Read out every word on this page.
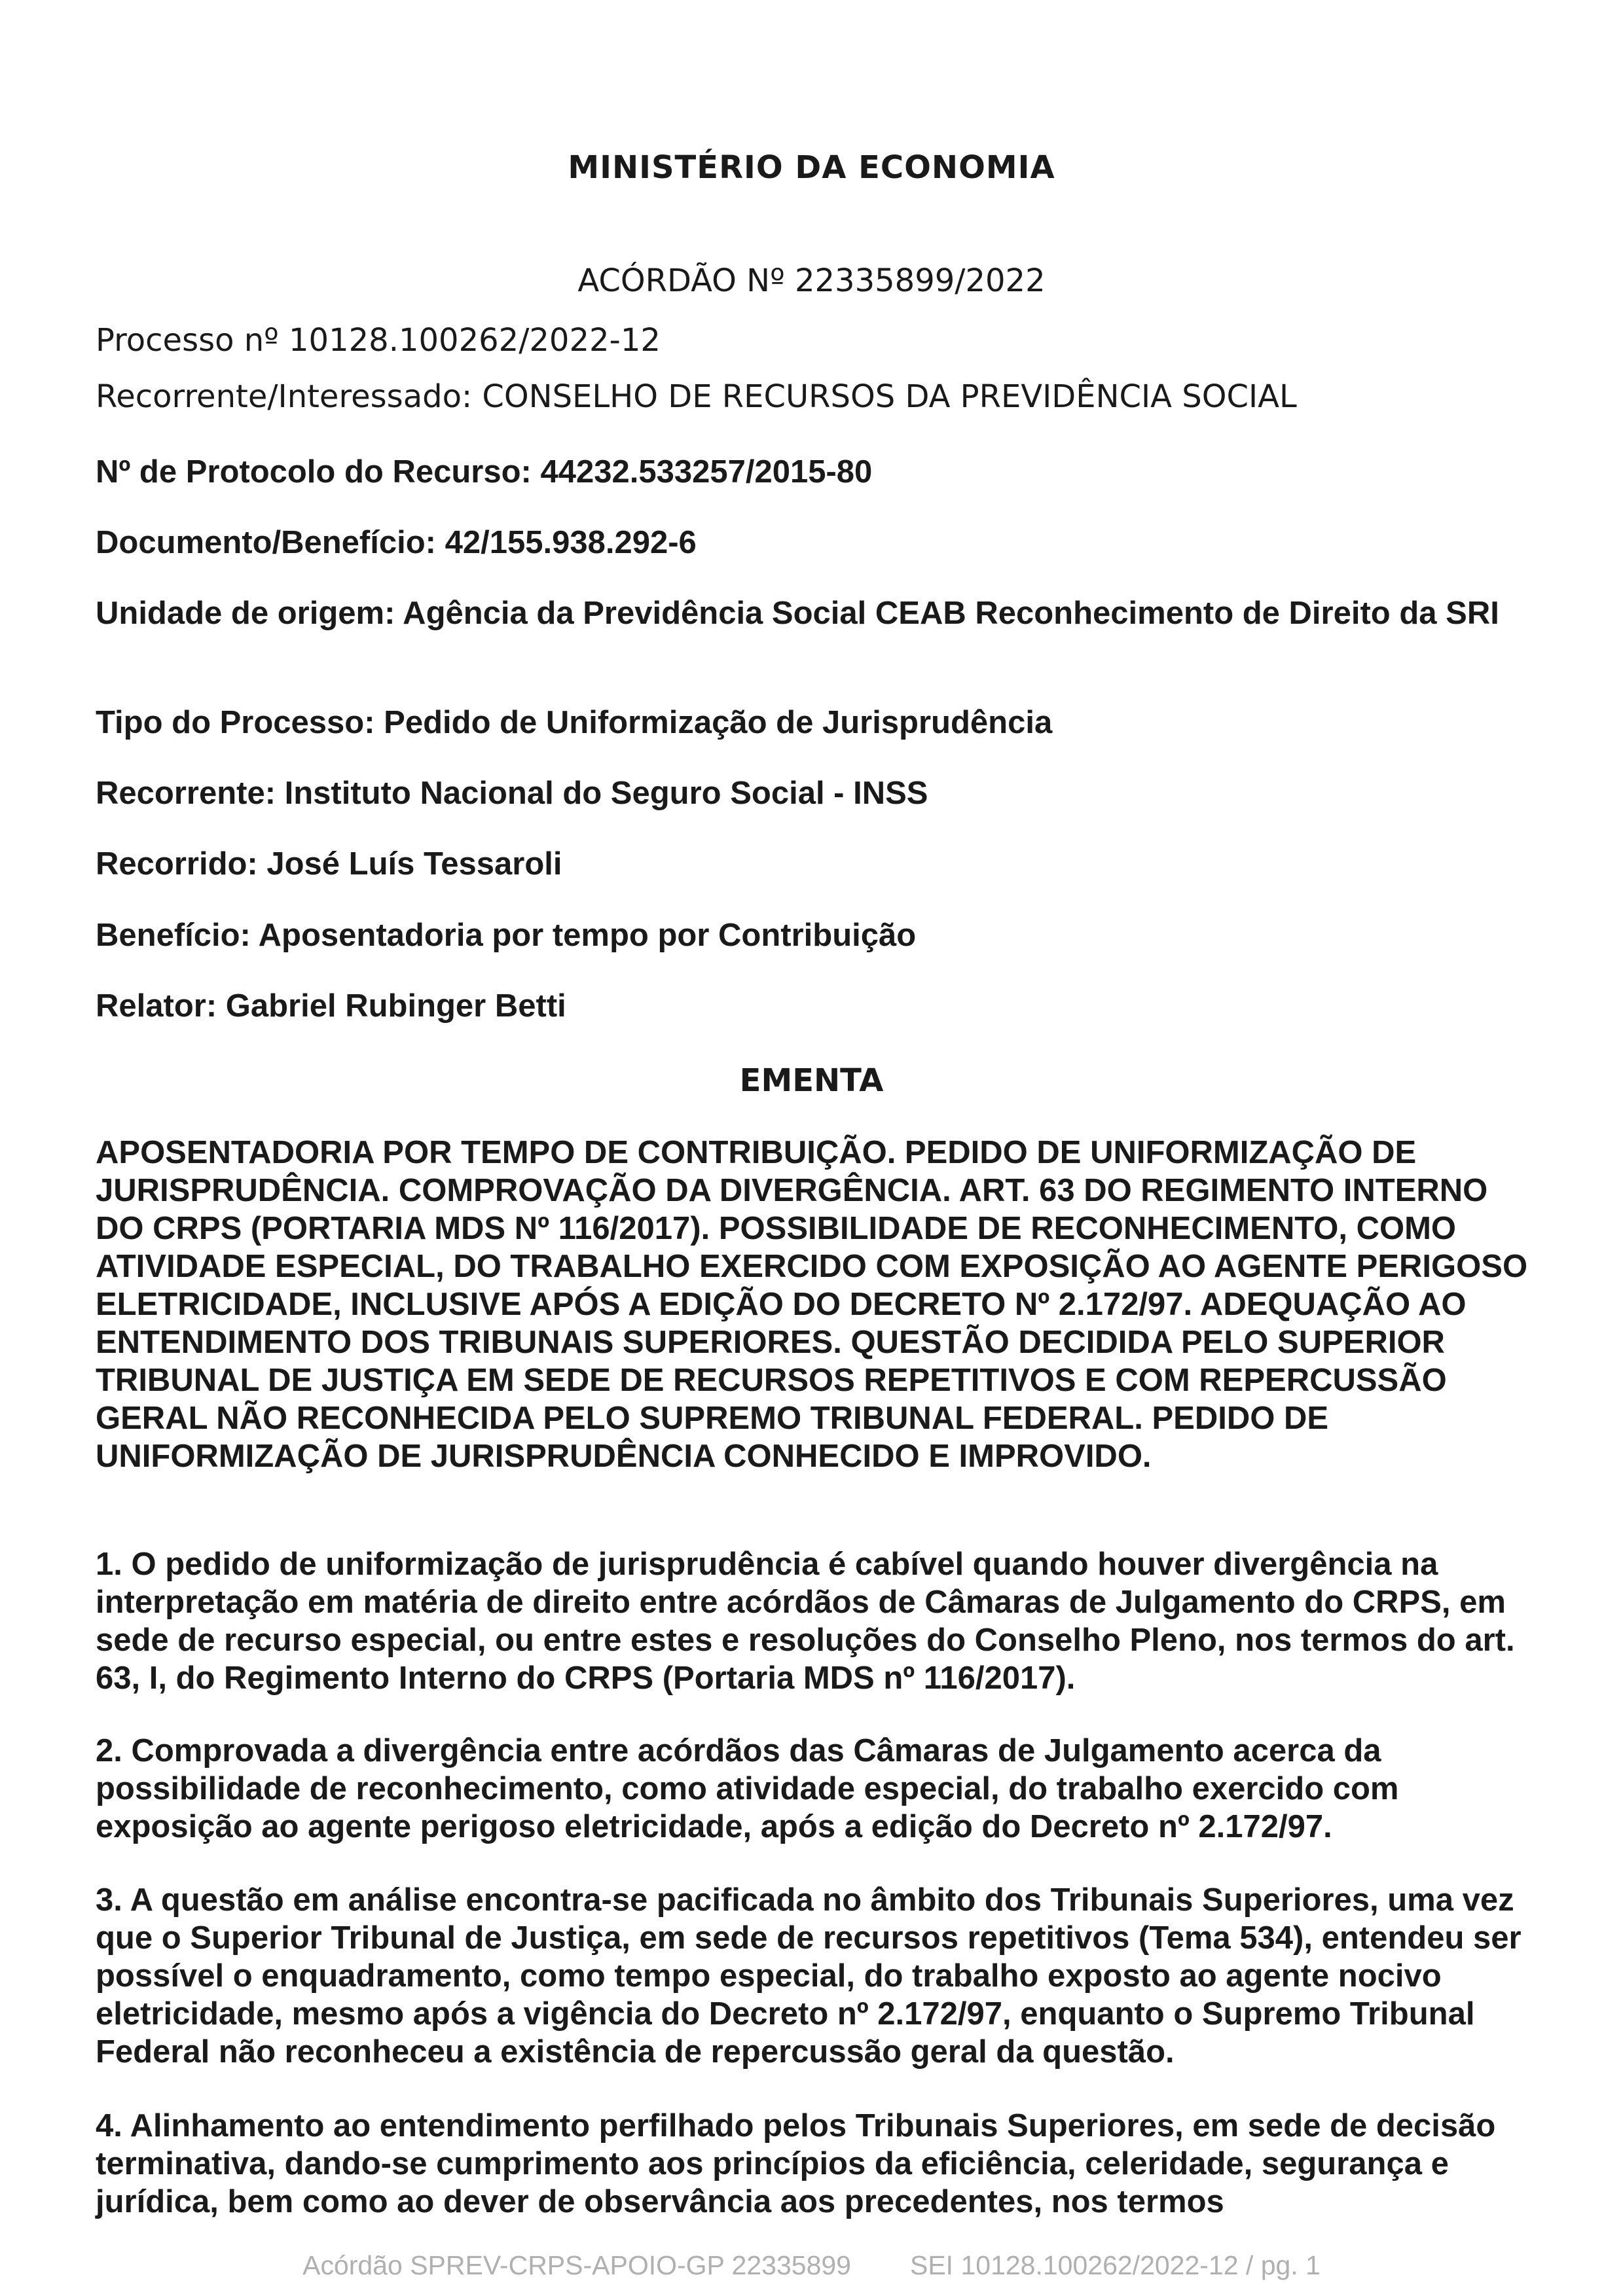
MINISTÉRIO DA ECONOMIA
ACÓRDÃO Nº 22335899/2022
Processo nº 10128.100262/2022-12
Recorrente/Interessado: CONSELHO DE RECURSOS DA PREVIDÊNCIA SOCIAL
Nº de Protocolo do Recurso: 44232.533257/2015-80
Documento/Benefício: 42/155.938.292-6
Unidade de origem: Agência da Previdência Social CEAB Reconhecimento de Direito da SRI
Tipo do Processo: Pedido de Uniformização de Jurisprudência
Recorrente: Instituto Nacional do Seguro Social - INSS
Recorrido: José Luís Tessaroli
Benefício: Aposentadoria por tempo por Contribuição
Relator: Gabriel Rubinger Betti
EMENTA
APOSENTADORIA POR TEMPO DE CONTRIBUIÇÃO. PEDIDO DE UNIFORMIZAÇÃO DE JURISPRUDÊNCIA. COMPROVAÇÃO DA DIVERGÊNCIA. ART. 63 DO REGIMENTO INTERNO DO CRPS (PORTARIA MDS Nº 116/2017). POSSIBILIDADE DE RECONHECIMENTO, COMO ATIVIDADE ESPECIAL, DO TRABALHO EXERCIDO COM EXPOSIÇÃO AO AGENTE PERIGOSO ELETRICIDADE, INCLUSIVE APÓS A EDIÇÃO DO DECRETO Nº 2.172/97. ADEQUAÇÃO AO ENTENDIMENTO DOS TRIBUNAIS SUPERIORES. QUESTÃO DECIDIDA PELO SUPERIOR TRIBUNAL DE JUSTIÇA EM SEDE DE RECURSOS REPETITIVOS E COM REPERCUSSÃO GERAL NÃO RECONHECIDA PELO SUPREMO TRIBUNAL FEDERAL. PEDIDO DE UNIFORMIZAÇÃO DE JURISPRUDÊNCIA CONHECIDO E IMPROVIDO.
1. O pedido de uniformização de jurisprudência é cabível quando houver divergência na interpretação em matéria de direito entre acórdãos de Câmaras de Julgamento do CRPS, em sede de recurso especial, ou entre estes e resoluções do Conselho Pleno, nos termos do art. 63, I, do Regimento Interno do CRPS (Portaria MDS nº 116/2017).
2. Comprovada a divergência entre acórdãos das Câmaras de Julgamento acerca da possibilidade de reconhecimento, como atividade especial, do trabalho exercido com exposição ao agente perigoso eletricidade, após a edição do Decreto nº 2.172/97.
3. A questão em análise encontra-se pacificada no âmbito dos Tribunais Superiores, uma vez que o Superior Tribunal de Justiça, em sede de recursos repetitivos (Tema 534), entendeu ser possível o enquadramento, como tempo especial, do trabalho exposto ao agente nocivo eletricidade, mesmo após a vigência do Decreto nº 2.172/97, enquanto o Supremo Tribunal Federal não reconheceu a existência de repercussão geral da questão.
4. Alinhamento ao entendimento perfilhado pelos Tribunais Superiores, em sede de decisão terminativa, dando-se cumprimento aos princípios da eficiência, celeridade, segurança e jurídica, bem como ao dever de observância aos precedentes, nos termos
Acórdão SPREV-CRPS-APOIO-GP 22335899 SEI 10128.100262/2022-12 / pg. 1
